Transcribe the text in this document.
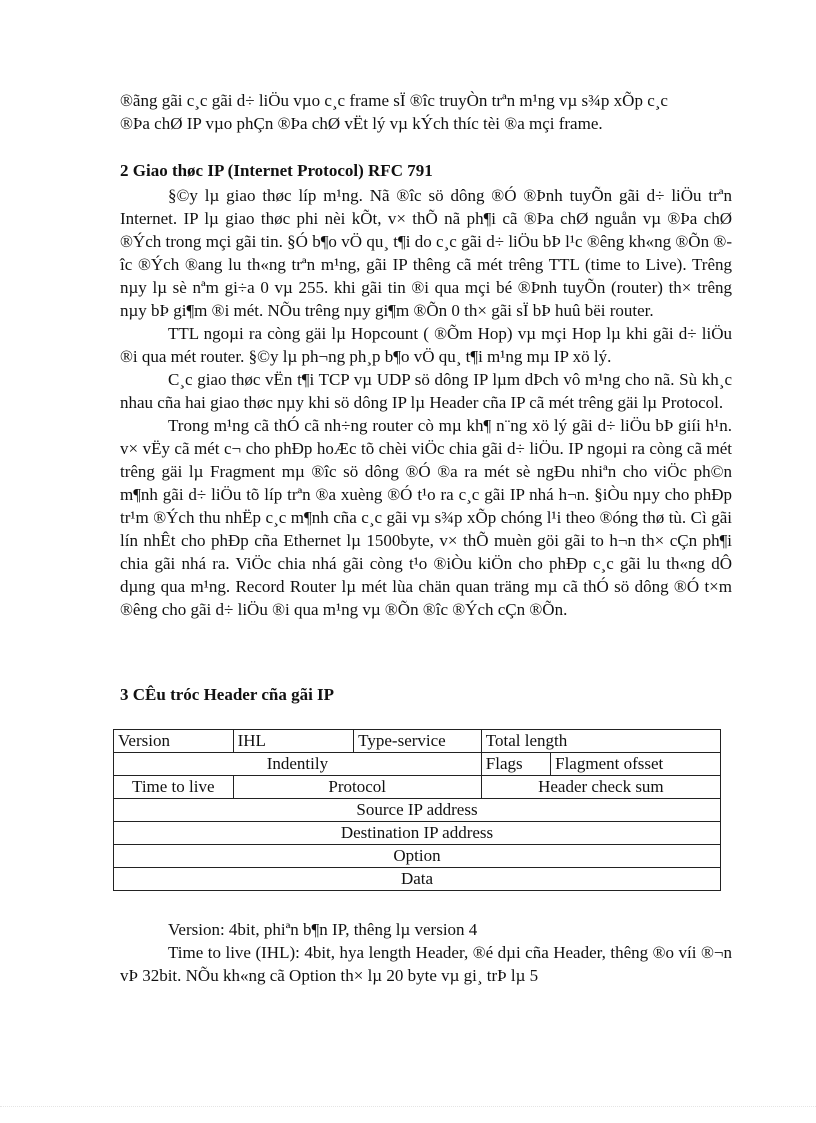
®ãng gãi c¸c gãi d÷ liÖu vµo c¸c frame sÏ ®îc truyÒn trªn m¹ng vµ s¾p xÕp c¸c

®Þa chØ IP vµo phÇn ®Þa chØ vËt lý vµ kÝch thíc tèi ®a mçi frame.

2 Giao thøc IP (Internet Protocol) RFC 791

§©y lµ giao thøc líp m¹ng. Nã ®îc sö dông ®Ó ®Þnh tuyÕn gãi d÷ liÖu trªn Internet. IP lµ giao thøc phi nèi kÕt, v× thÕ nã ph¶i cã ®Þa chØ nguån vµ ®Þa chØ ®Ých trong mçi gãi tin. §Ó b¶o vÖ qu¸ t¶i do c¸c gãi d÷ liÖu bÞ l¹c ®êng kh«ng ®Õn ®îc ®Ých ®ang lu th«ng trªn m¹ng, gãi IP thêng cã mét trêng TTL (time to Live). Trêng nµy lµ sè nªm gi÷a 0 vµ 255. khi gãi tin ®i qua mçi bé ®Þnh tuyÕn (router) th× trêng nµy bÞ gi¶m ®i mét. NÕu trêng nµy gi¶m ®Õn 0 th× gãi sÏ bÞ huû bëi router.

TTL ngoµi ra còng gäi lµ Hopcount ( ®Õm Hop) vµ mçi Hop lµ khi gãi d÷ liÖu ®i qua mét router. §©y lµ ph¬ng ph¸p b¶o vÖ qu¸ t¶i m¹ng mµ IP xö lý.

C¸c giao thøc vËn t¶i TCP vµ UDP sö dông IP lµm dÞch vô m¹ng cho nã. Sù kh¸c nhau cña hai giao thøc nµy khi sö dông IP lµ Header cña IP cã mét trêng gäi lµ Protocol.

Trong m¹ng cã thÓ cã nh÷ng router cò mµ kh¶ n¨ng xö lý gãi d÷ liÖu bÞ giíi h¹n. v× vËy cã mét c¬ cho phÐp hoÆc tõ chèi viÖc chia gãi d÷ liÖu. IP ngoµi ra còng cã mét trêng gäi lµ Fragment mµ ®îc sö dông ®Ó ®a ra mét sè ngÐu nhiªn cho viÖc ph©n m¶nh gãi d÷ liÖu tõ líp trªn ®a xuèng ®Ó t¹o ra c¸c gãi IP nhá h¬n. §iÒu nµy cho phÐp tr¹m ®Ých thu nhËp c¸c m¶nh cña c¸c gãi vµ s¾p xÕp chóng l¹i theo ®óng thø tù. Cì gãi lín nhÊt cho phÐp cña Ethernet lµ 1500byte, v× thÕ muèn göi gãi to h¬n th× cÇn ph¶i chia gãi nhá ra. ViÖc chia nhá gãi còng t¹o ®iÒu kiÖn cho phÐp c¸c gãi lu th«ng dÔ dµng qua m¹ng. Record Router lµ mét lùa chän quan träng mµ cã thÓ sö dông ®Ó t×m ®êng cho gãi d÷ liÖu ®i qua m¹ng vµ ®Õn ®îc ®Ých cÇn ®Õn.

3 CÊu tróc Header cña gãi IP

Version	IHL	Type-service	Total length	
Indentily			Flags	Flagment ofsset
Time to live	Protocol		Header check sum	
Source IP address				
Destination IP address				
Option				
Data				

Version: 4bit, phiªn b¶n IP, thêng lµ version 4

Time to live (IHL): 4bit, hya length Header, ®é dµi cña Header, thêng ®o víi ®¬n vÞ 32bit. NÕu kh«ng cã Option th× lµ 20 byte vµ gi¸ trÞ lµ 5
